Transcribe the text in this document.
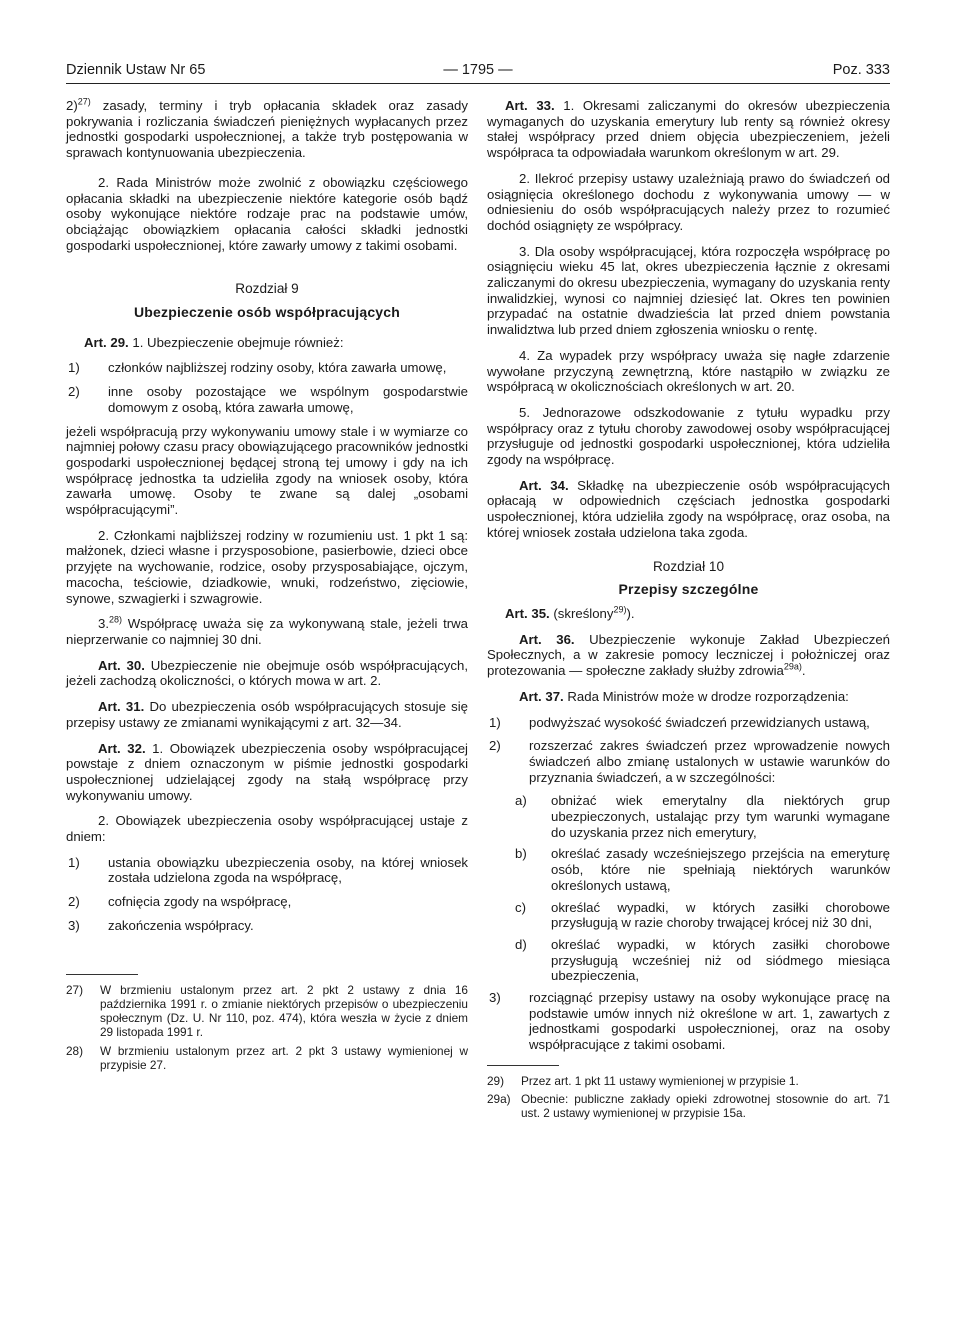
Dziennik Ustaw Nr 65	— 1795 —	Poz. 333
2)$^{27)}$ zasady, terminy i tryb opłacania składek oraz zasady pokrywania i rozliczania świadczeń pieniężnych wypłacanych przez jednostki gospodarki uspołecznionej, a także tryb postępowania w sprawach kontynuowania ubezpieczenia.

2. Rada Ministrów może zwolnić z obowiązku częściowego opłacania składki na ubezpieczenie niektóre kategorie osób bądź osoby wykonujące niektóre rodzaje prac na podstawie umów, obciążając obowiązkiem opłacania całości składki jednostki gospodarki uspołecznionej, które zawarły umowy z takimi osobami.

Rozdział 9
Ubezpieczenie osób współpracujących

Art. 29. 1. Ubezpieczenie obejmuje również:

1) członków najbliższej rodziny osoby, która zawarła umowę,
2) inne osoby pozostające we wspólnym gospodarstwie domowym z osobą, która zawarła umowę,

jeżeli współpracują przy wykonywaniu umowy stale i w wymiarze co najmniej połowy czasu pracy obowiązującego pracowników jednostki gospodarki uspołecznionej będącej stroną tej umowy i gdy na ich współpracę jednostka ta udzieliła zgody na wniosek osoby, która zawarła umowę. Osoby te zwane są dalej „osobami współpracującymi”.

2. Członkami najbliższej rodziny w rozumieniu ust. 1 pkt 1 są: małżonek, dzieci własne i przysposobione, pasierbowie, dzieci obce przyjęte na wychowanie, rodzice, osoby przysposabiające, ojczym, macocha, teściowie, dziadkowie, wnuki, rodzeństwo, zięciowie, synowe, szwagierki i szwagrowie.

3.$^{28)}$ Współpracę uważa się za wykonywaną stale, jeżeli trwa nieprzerwanie co najmniej 30 dni.

Art. 30. Ubezpieczenie nie obejmuje osób współpracujących, jeżeli zachodzą okoliczności, o których mowa w art. 2.

Art. 31. Do ubezpieczenia osób współpracujących stosuje się przepisy ustawy ze zmianami wynikającymi z art. 32—34.

Art. 32. 1. Obowiązek ubezpieczenia osoby współpracującej powstaje z dniem oznaczonym w piśmie jednostki gospodarki uspołecznionej udzielającej zgody na stałą współpracę przy wykonywaniu umowy.

2. Obowiązek ubezpieczenia osoby współpracującej ustaje z dniem:

1) ustania obowiązku ubezpieczenia osoby, na której wniosek została udzielona zgoda na współpracę,
2) cofnięcia zgody na współpracę,
3) zakończenia współpracy.
27) W brzmieniu ustalonym przez art. 2 pkt 2 ustawy z dnia 16 października 1991 r. o zmianie niektórych przepisów o ubezpieczeniu społecznym (Dz. U. Nr 110, poz. 474), która weszła w życie z dniem 29 listopada 1991 r.
28) W brzmieniu ustalonym przez art. 2 pkt 3 ustawy wymienionej w przypisie 27.

Art. 33. 1. Okresami zaliczanymi do okresów ubezpieczenia wymaganych do uzyskania emerytury lub renty są również okresy stałej współpracy przed dniem objęcia ubezpieczeniem, jeżeli współpraca ta odpowiadała warunkom określonym w art. 29.

2. Ilekroć przepisy ustawy uzależniają prawo do świadczeń od osiągnięcia określonego dochodu z wykonywania umowy — w odniesieniu do osób współpracujących należy przez to rozumieć dochód osiągnięty ze współpracy.

3. Dla osoby współpracującej, która rozpoczęła współpracę po osiągnięciu wieku 45 lat, okres ubezpieczenia łącznie z okresami zaliczanymi do okresu ubezpieczenia, wymagany do uzyskania renty inwalidzkiej, wynosi co najmniej dziesięć lat. Okres ten powinien przypadać na ostatnie dwadzieścia lat przed dniem powstania inwalidztwa lub przed dniem zgłoszenia wniosku o rentę.

4. Za wypadek przy współpracy uważa się nagłe zdarzenie wywołane przyczyną zewnętrzną, które nastąpiło w związku ze współpracą w okolicznościach określonych w art. 20.

5. Jednorazowe odszkodowanie z tytułu wypadku przy współpracy oraz z tytułu choroby zawodowej osoby współpracującej przysługuje od jednostki gospodarki uspołecznionej, która udzieliła zgody na współpracę.

Art. 34. Składkę na ubezpieczenie osób współpracujących opłacają w odpowiednich częściach jednostka gospodarki uspołecznionej, która udzieliła zgody na współpracę, oraz osoba, na której wniosek została udzielona taka zgoda.

Rozdział 10
Przepisy szczególne

Art. 35. (skreślony$^{29)}$).

Art. 36. Ubezpieczenie wykonuje Zakład Ubezpieczeń Społecznych, a w zakresie pomocy leczniczej i położniczej oraz protezowania — społeczne zakłady służby zdrowia$^{29a)}$.

Art. 37. Rada Ministrów może w drodze rozporządzenia:

1) podwyższać wysokość świadczeń przewidzianych ustawą,
2) rozszerzać zakres świadczeń przez wprowadzenie nowych świadczeń albo zmianę ustalonych w ustawie warunków do przyznania świadczeń, a w szczególności:
a) obniżać wiek emerytalny dla niektórych grup ubezpieczonych, ustalając przy tym warunki wymagane do uzyskania przez nich emerytury,
b) określać zasady wcześniejszego przejścia na emeryturę osób, które nie spełniają niektórych warunków określonych ustawą,
c) określać wypadki, w których zasiłki chorobowe przysługują w razie choroby trwającej krócej niż 30 dni,
d) określać wypadki, w których zasiłki chorobowe przysługują wcześniej niż od siódmego miesiąca ubezpieczenia,
3) rozciągnąć przepisy ustawy na osoby wykonujące pracę na podstawie umów innych niż określone w art. 1, zawartych z jednostkami gospodarki uspołecznionej, oraz na osoby współpracujące z takimi osobami.
29) Przez art. 1 pkt 11 ustawy wymienionej w przypisie 1.
29a) Obecnie: publiczne zakłady opieki zdrowotnej stosownie do art. 71 ust. 2 ustawy wymienionej w przypisie 15a.
